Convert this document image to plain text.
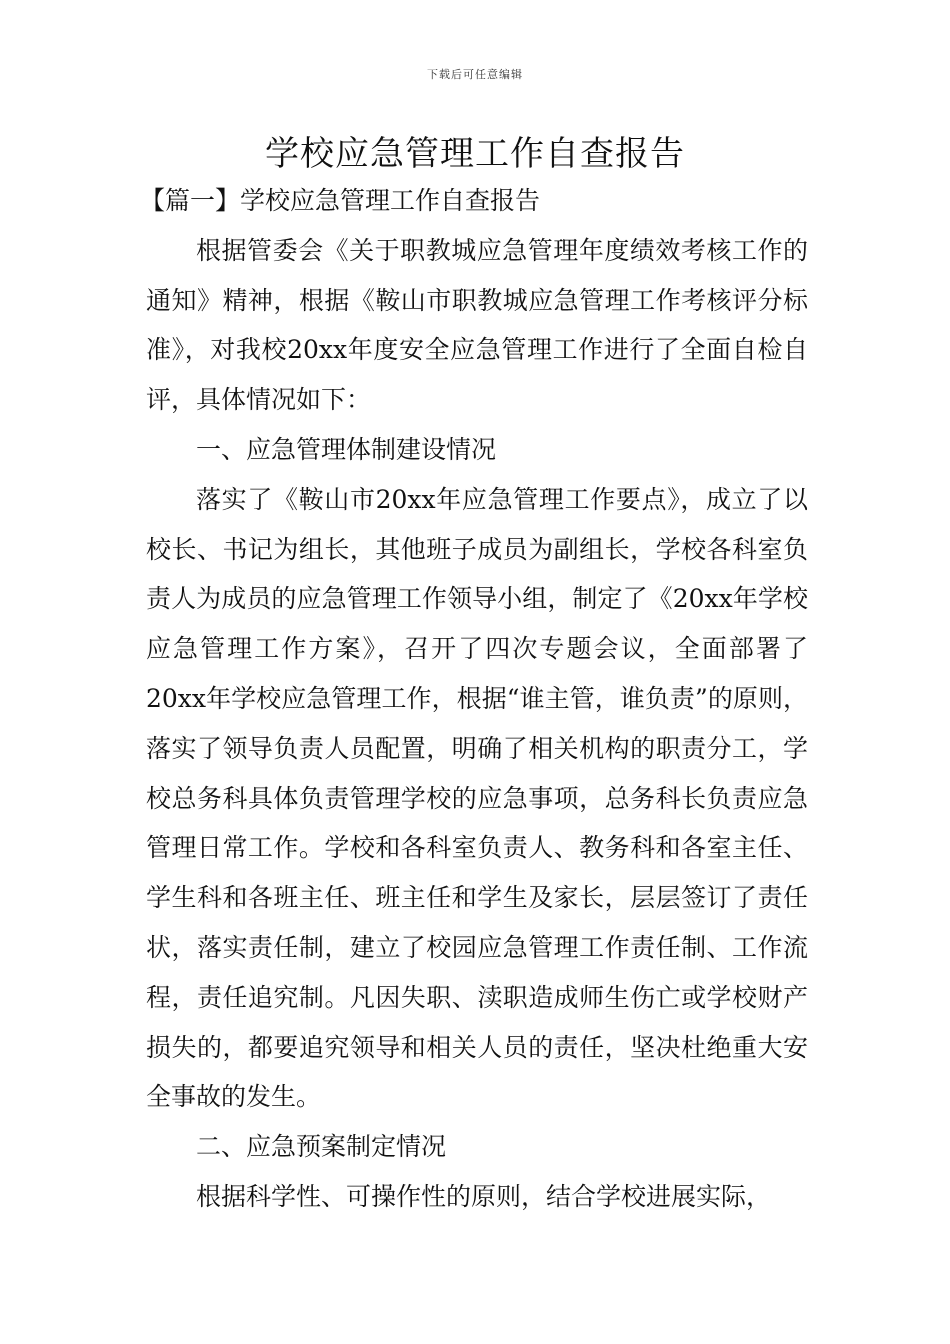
下载后可任意编辑
学校应急管理工作自查报告

【篇一】学校应急管理工作自查报告

根据管委会《关于职教城应急管理年度绩效考核工作的通知》精神，根据《鞍山市职教城应急管理工作考核评分标准》，对我校20xx年度安全应急管理工作进行了全面自检自评，具体情况如下：

一、应急管理体制建设情况

落实了《鞍山市20xx年应急管理工作要点》，成立了以校长、书记为组长，其他班子成员为副组长，学校各科室负责人为成员的应急管理工作领导小组，制定了《20xx年学校应急管理工作方案》，召开了四次专题会议，全面部署了20xx年学校应急管理工作，根据“谁主管，谁负责”的原则，落实了领导负责人员配置，明确了相关机构的职责分工，学校总务科具体负责管理学校的应急事项，总务科长负责应急管理日常工作。学校和各科室负责人、教务科和各室主任、学生科和各班主任、班主任和学生及家长，层层签订了责任状，落实责任制，建立了校园应急管理工作责任制、工作流程，责任追究制。凡因失职、渎职造成师生伤亡或学校财产损失的，都要追究领导和相关人员的责任，坚决杜绝重大安全事故的发生。

二、应急预案制定情况

根据科学性、可操作性的原则，结合学校进展实际，
